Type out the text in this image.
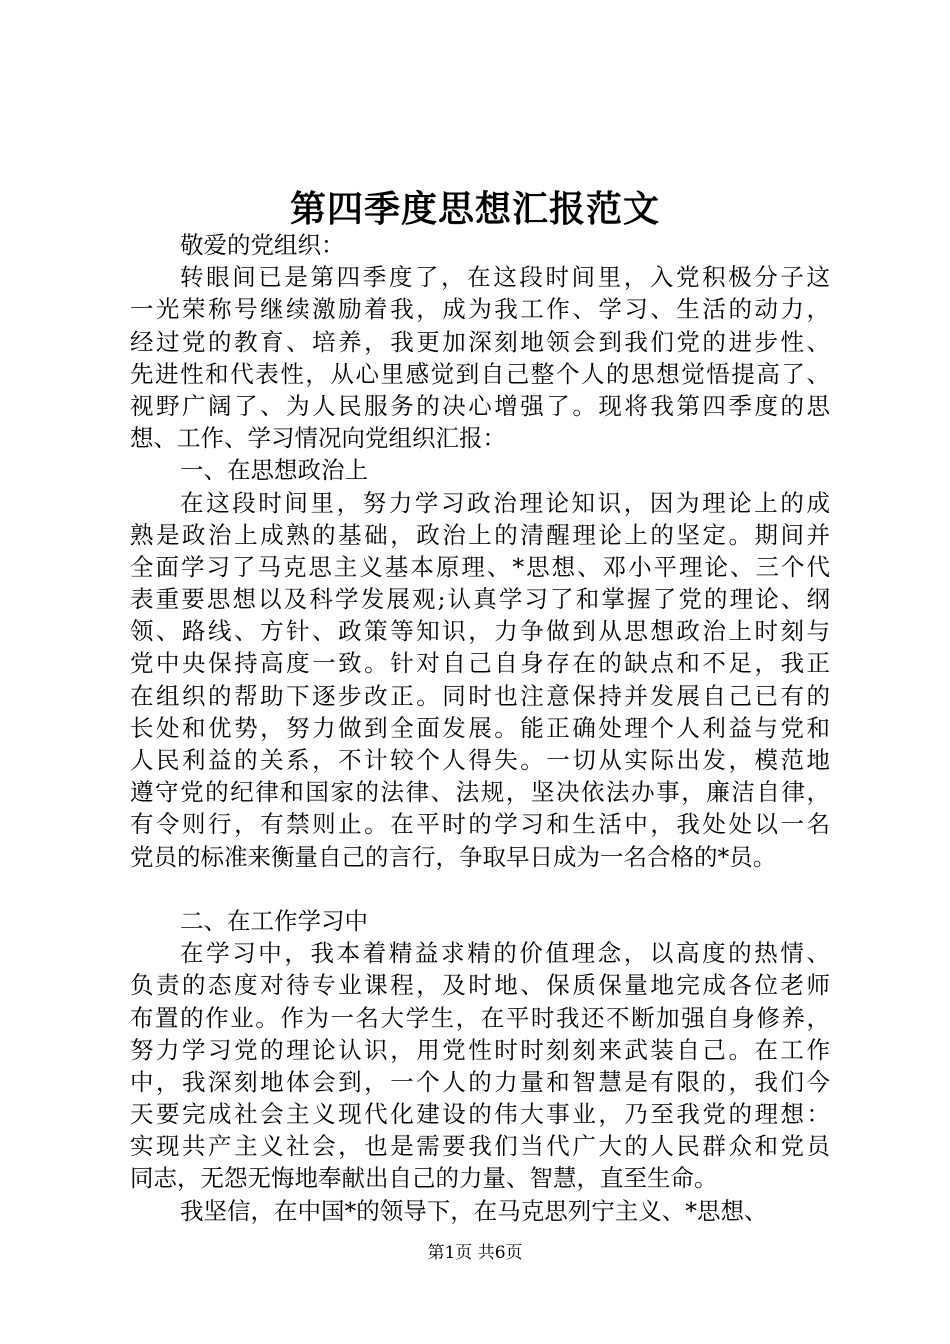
第四季度思想汇报范文
敬爱的党组织：
转眼间已是第四季度了，在这段时间里，入党积极分子这
一光荣称号继续激励着我，成为我工作、学习、生活的动力，
经过党的教育、培养，我更加深刻地领会到我们党的进步性、
先进性和代表性，从心里感觉到自己整个人的思想觉悟提高了、
视野广阔了、为人民服务的决心增强了。现将我第四季度的思
想、工作、学习情况向党组织汇报：
一、在思想政治上
在这段时间里，努力学习政治理论知识，因为理论上的成
熟是政治上成熟的基础，政治上的清醒理论上的坚定。期间并
全面学习了马克思主义基本原理、*思想、邓小平理论、三个代
表重要思想以及科学发展观;认真学习了和掌握了党的理论、纲
领、路线、方针、政策等知识，力争做到从思想政治上时刻与
党中央保持高度一致。针对自己自身存在的缺点和不足，我正
在组织的帮助下逐步改正。同时也注意保持并发展自己已有的
长处和优势，努力做到全面发展。能正确处理个人利益与党和
人民利益的关系，不计较个人得失。一切从实际出发，模范地
遵守党的纪律和国家的法律、法规，坚决依法办事，廉洁自律，
有令则行，有禁则止。在平时的学习和生活中，我处处以一名
党员的标准来衡量自己的言行，争取早日成为一名合格的*员。
二、在工作学习中
在学习中，我本着精益求精的价值理念，以高度的热情、
负责的态度对待专业课程，及时地、保质保量地完成各位老师
布置的作业。作为一名大学生，在平时我还不断加强自身修养，
努力学习党的理论认识，用党性时时刻刻来武装自己。在工作
中，我深刻地体会到，一个人的力量和智慧是有限的，我们今
天要完成社会主义现代化建设的伟大事业，乃至我党的理想：
实现共产主义社会，也是需要我们当代广大的人民群众和党员
同志，无怨无悔地奉献出自己的力量、智慧，直至生命。
我坚信，在中国*的领导下，在马克思列宁主义、*思想、
第1页 共6页
